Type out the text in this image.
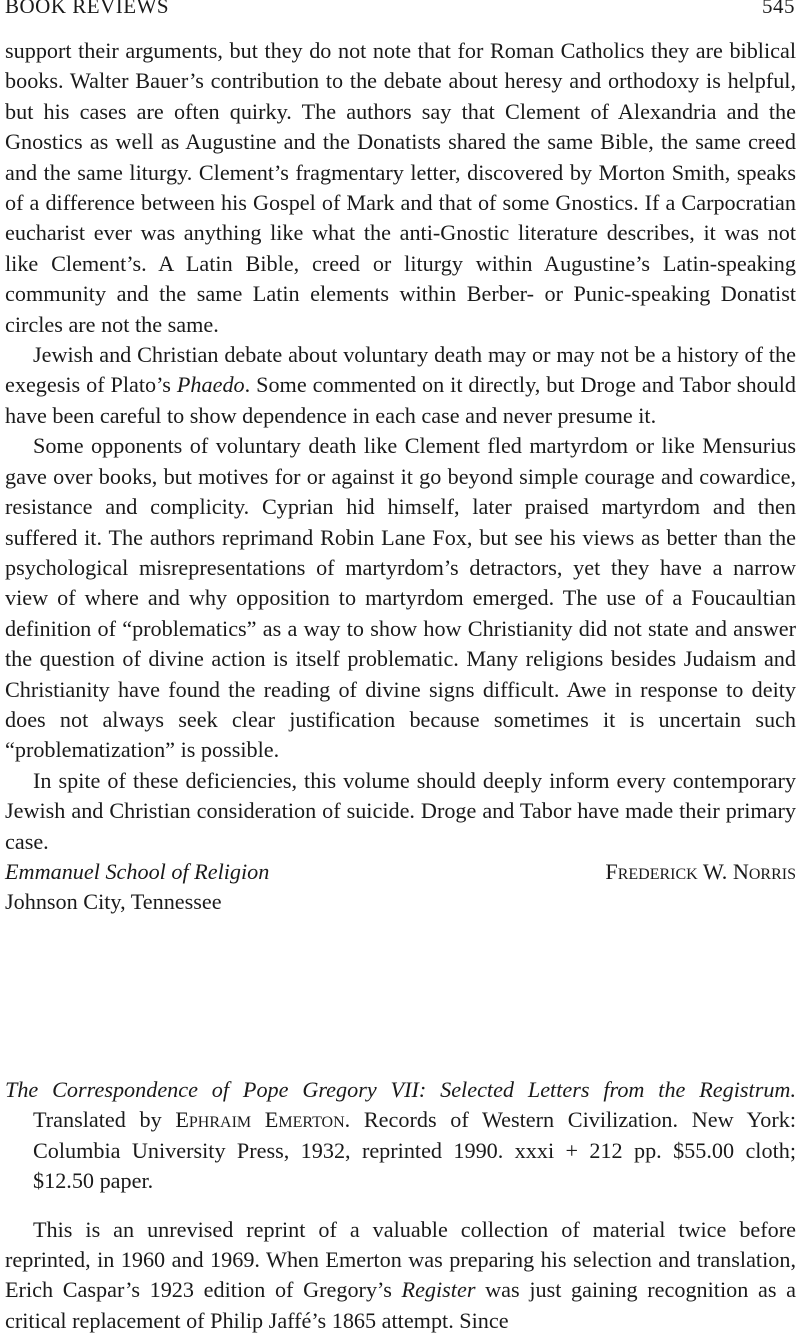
BOOK REVIEWS	545

support their arguments, but they do not note that for Roman Catholics they are biblical books. Walter Bauer’s contribution to the debate about heresy and orthodoxy is helpful, but his cases are often quirky. The authors say that Clement of Alexandria and the Gnostics as well as Augustine and the Donatists shared the same Bible, the same creed and the same liturgy. Clement’s fragmentary letter, discovered by Morton Smith, speaks of a difference between his Gospel of Mark and that of some Gnostics. If a Carpocratian eucharist ever was anything like what the anti-Gnostic literature describes, it was not like Clement’s. A Latin Bible, creed or liturgy within Augustine’s Latin-speaking community and the same Latin elements within Berber- or Punic-speaking Donatist circles are not the same.

Jewish and Christian debate about voluntary death may or may not be a history of the exegesis of Plato’s Phaedo. Some commented on it directly, but Droge and Tabor should have been careful to show dependence in each case and never presume it.

Some opponents of voluntary death like Clement fled martyrdom or like Mensurius gave over books, but motives for or against it go beyond simple courage and cowardice, resistance and complicity. Cyprian hid himself, later praised martyrdom and then suffered it. The authors reprimand Robin Lane Fox, but see his views as better than the psychological misrepresentations of martyrdom’s detractors, yet they have a narrow view of where and why opposition to martyrdom emerged. The use of a Foucaultian definition of “problematics” as a way to show how Christianity did not state and answer the question of divine action is itself problematic. Many religions besides Judaism and Christianity have found the reading of divine signs difficult. Awe in response to deity does not always seek clear justification because sometimes it is uncertain such “problematization” is possible.

In spite of these deficiencies, this volume should deeply inform every contemporary Jewish and Christian consideration of suicide. Droge and Tabor have made their primary case.

Emmanuel School of Religion	Frederick W. Norris
Johnson City, Tennessee

The Correspondence of Pope Gregory VII: Selected Letters from the Registrum. Translated by Ephraim Emerton. Records of Western Civilization. New York: Columbia University Press, 1932, reprinted 1990. xxxi + 212 pp. $55.00 cloth; $12.50 paper.

This is an unrevised reprint of a valuable collection of material twice before reprinted, in 1960 and 1969. When Emerton was preparing his selection and translation, Erich Caspar’s 1923 edition of Gregory’s Register was just gaining recognition as a critical replacement of Philip Jaffé’s 1865 attempt. Since
